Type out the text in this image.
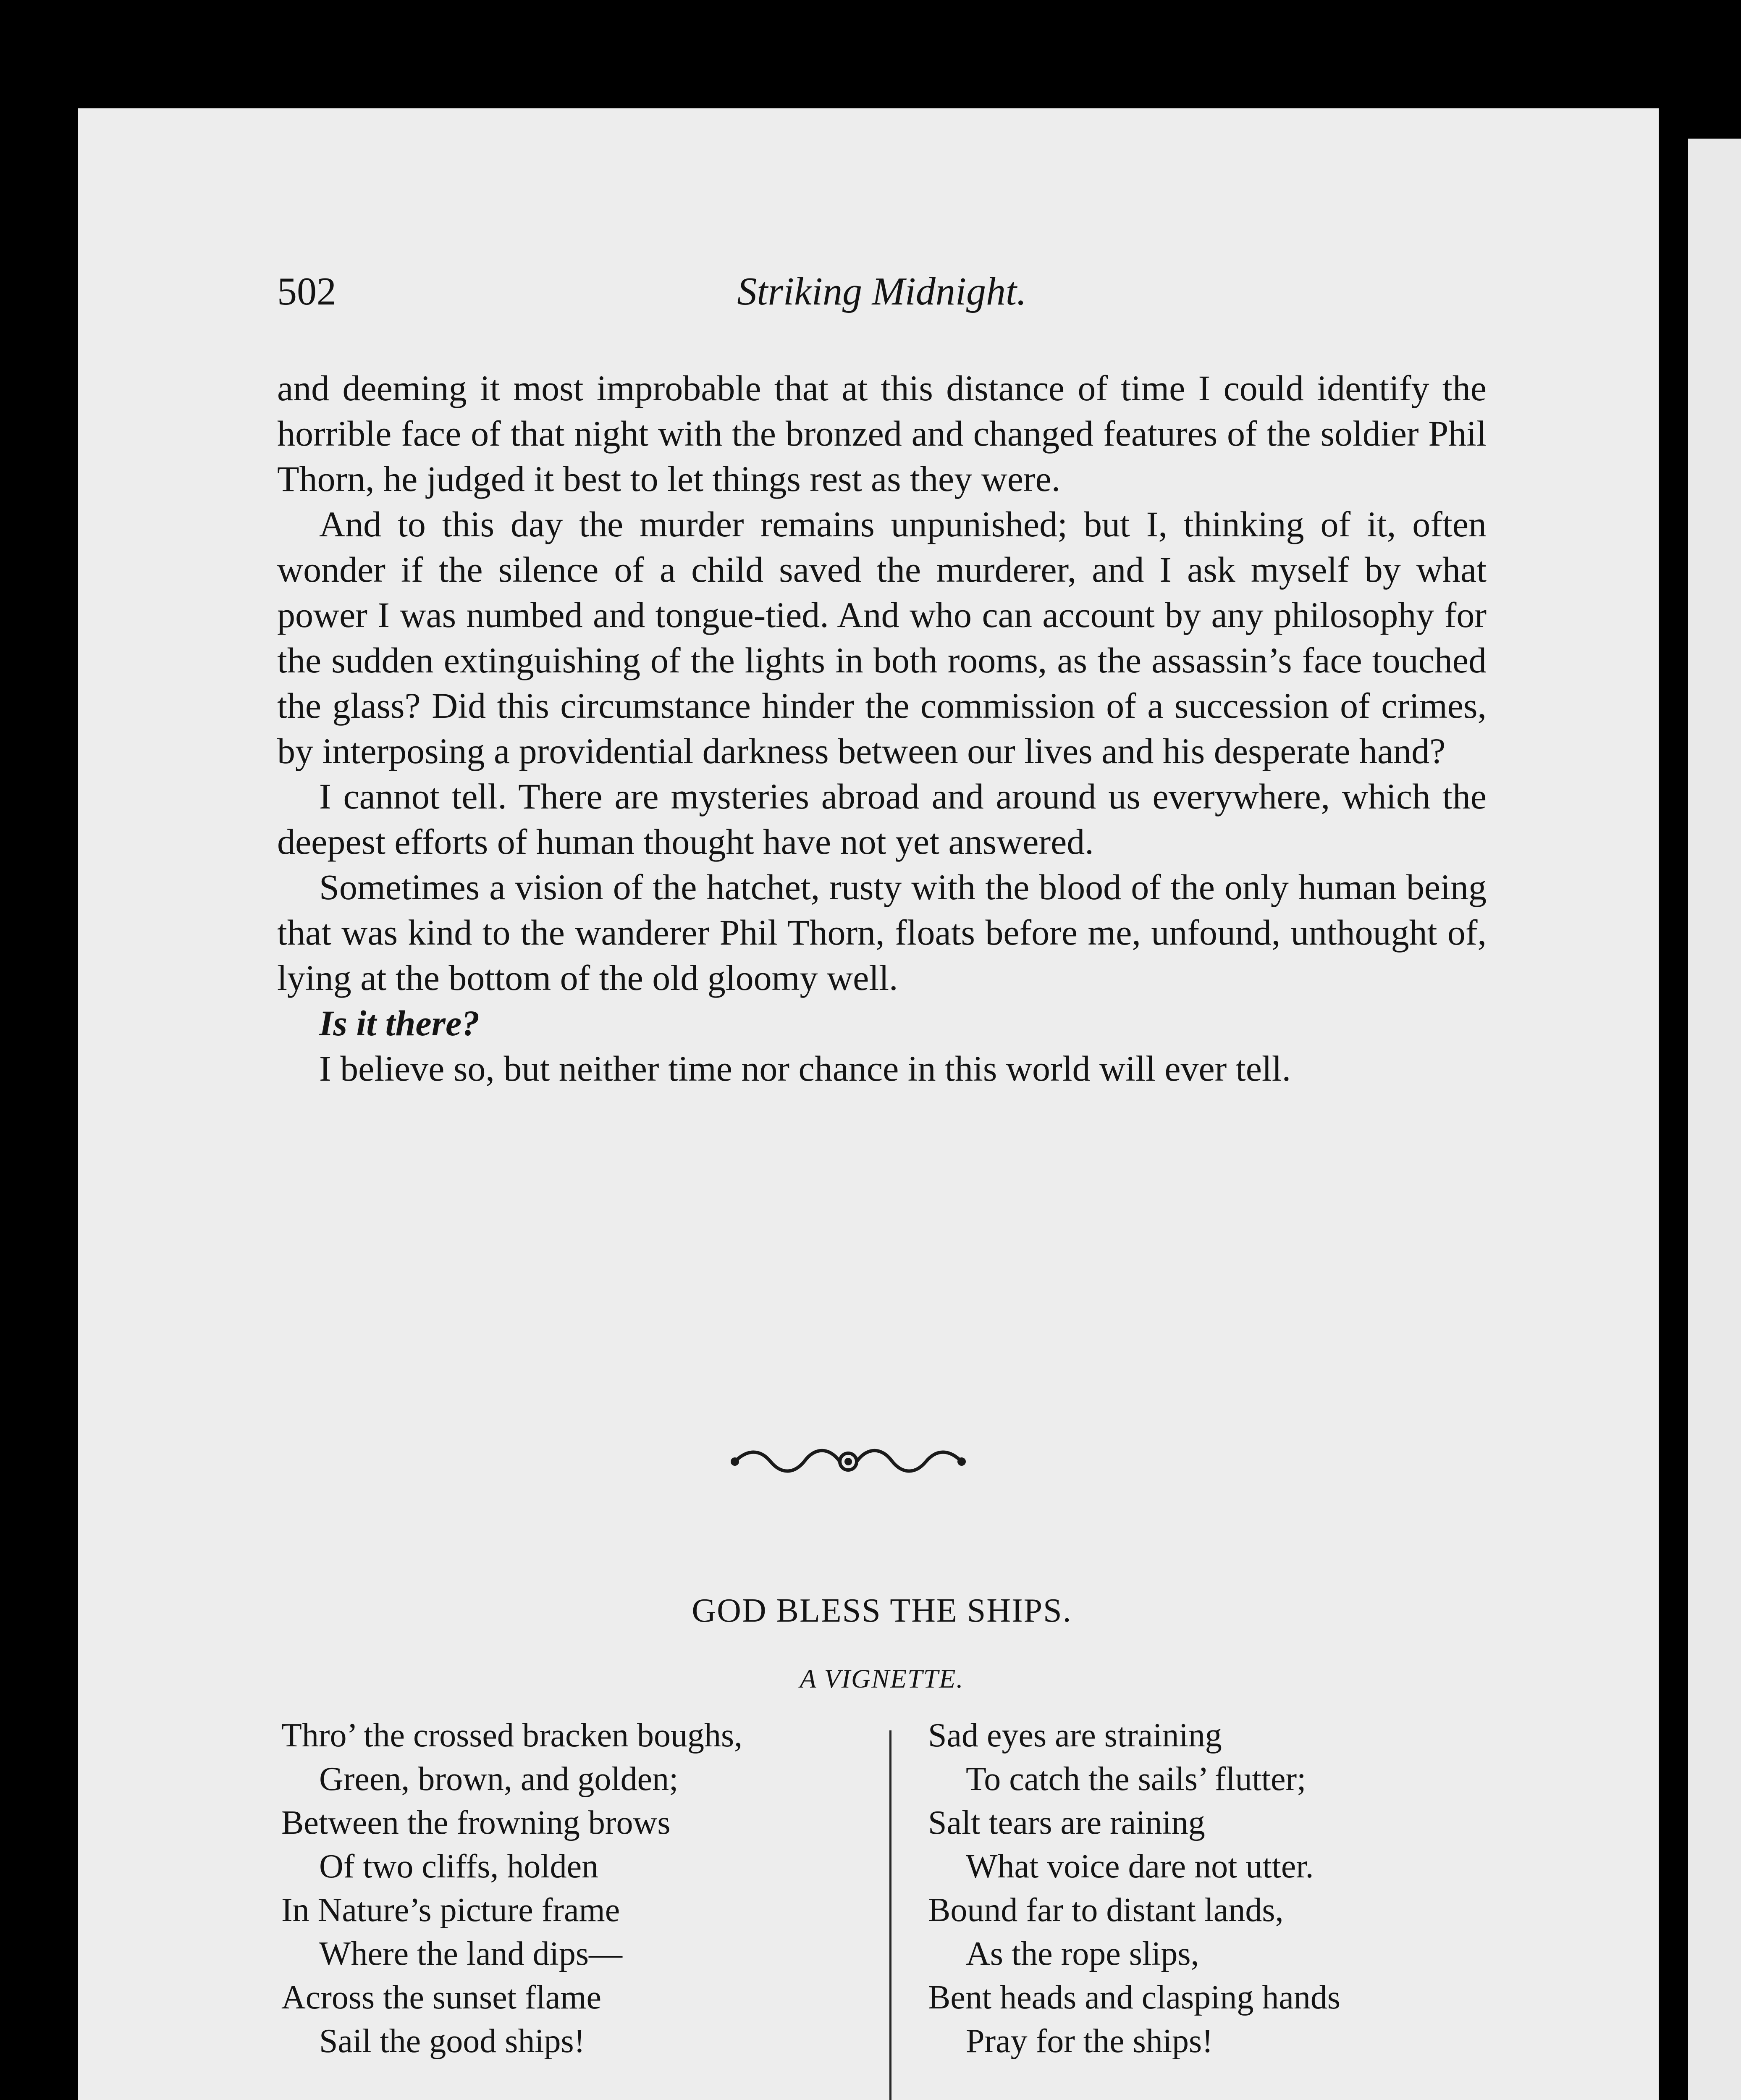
502	Striking Midnight.

and deeming it most improbable that at this distance of time I could identify the horrible face of that night with the bronzed and changed features of the soldier Phil Thorn, he judged it best to let things rest as they were.

And to this day the murder remains unpunished; but I, thinking of it, often wonder if the silence of a child saved the murderer, and I ask myself by what power I was numbed and tongue-tied. And who can account by any philosophy for the sudden extinguishing of the lights in both rooms, as the assassin’s face touched the glass? Did this circumstance hinder the commission of a succession of crimes, by interposing a providential darkness between our lives and his desperate hand?

I cannot tell. There are mysteries abroad and around us everywhere, which the deepest efforts of human thought have not yet answered.

Sometimes a vision of the hatchet, rusty with the blood of the only human being that was kind to the wanderer Phil Thorn, floats before me, unfound, unthought of, lying at the bottom of the old gloomy well.

Is it there?

I believe so, but neither time nor chance in this world will ever tell.

GOD BLESS THE SHIPS.
A VIGNETTE.
Thro’ the crossed bracken boughs,
Green, brown, and golden;
Between the frowning brows
Of two cliffs, holden
In Nature’s picture frame
Where the land dips—
Across the sunset flame
Sail the good ships!
Sad eyes are straining
To catch the sails’ flutter;
Salt tears are raining
What voice dare not utter.
Bound far to distant lands,
As the rope slips,
Bent heads and clasping hands
Pray for the ships!
